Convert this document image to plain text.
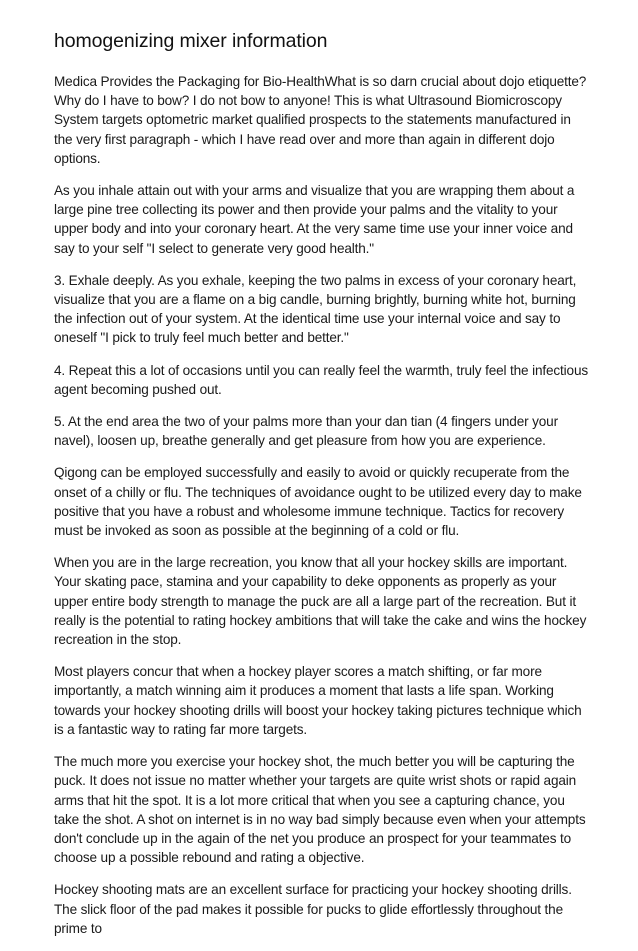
homogenizing mixer information

Medica Provides the Packaging for Bio-HealthWhat is so darn crucial about dojo etiquette? Why do I have to bow? I do not bow to anyone! This is what Ultrasound Biomicroscopy System targets optometric market qualified prospects to the statements manufactured in the very first paragraph - which I have read over and more than again in different dojo options.

As you inhale attain out with your arms and visualize that you are wrapping them about a large pine tree collecting its power and then provide your palms and the vitality to your upper body and into your coronary heart. At the very same time use your inner voice and say to your self "I select to generate very good health."

3. Exhale deeply. As you exhale, keeping the two palms in excess of your coronary heart, visualize that you are a flame on a big candle, burning brightly, burning white hot, burning the infection out of your system. At the identical time use your internal voice and say to oneself "I pick to truly feel much better and better."

4. Repeat this a lot of occasions until you can really feel the warmth, truly feel the infectious agent becoming pushed out.

5. At the end area the two of your palms more than your dan tian (4 fingers under your navel), loosen up, breathe generally and get pleasure from how you are experience.

Qigong can be employed successfully and easily to avoid or quickly recuperate from the onset of a chilly or flu. The techniques of avoidance ought to be utilized every day to make positive that you have a robust and wholesome immune technique. Tactics for recovery must be invoked as soon as possible at the beginning of a cold or flu.

When you are in the large recreation, you know that all your hockey skills are important. Your skating pace, stamina and your capability to deke opponents as properly as your upper entire body strength to manage the puck are all a large part of the recreation. But it really is the potential to rating hockey ambitions that will take the cake and wins the hockey recreation in the stop.

Most players concur that when a hockey player scores a match shifting, or far more importantly, a match winning aim it produces a moment that lasts a life span. Working towards your hockey shooting drills will boost your hockey taking pictures technique which is a fantastic way to rating far more targets.

The much more you exercise your hockey shot, the much better you will be capturing the puck. It does not issue no matter whether your targets are quite wrist shots or rapid again arms that hit the spot. It is a lot more critical that when you see a capturing chance, you take the shot. A shot on internet is in no way bad simply because even when your attempts don't conclude up in the again of the net you produce an prospect for your teammates to choose up a possible rebound and rating a objective.

Hockey shooting mats are an excellent surface for practicing your hockey shooting drills. The slick floor of the pad makes it possible for pucks to glide effortlessly throughout the prime to
